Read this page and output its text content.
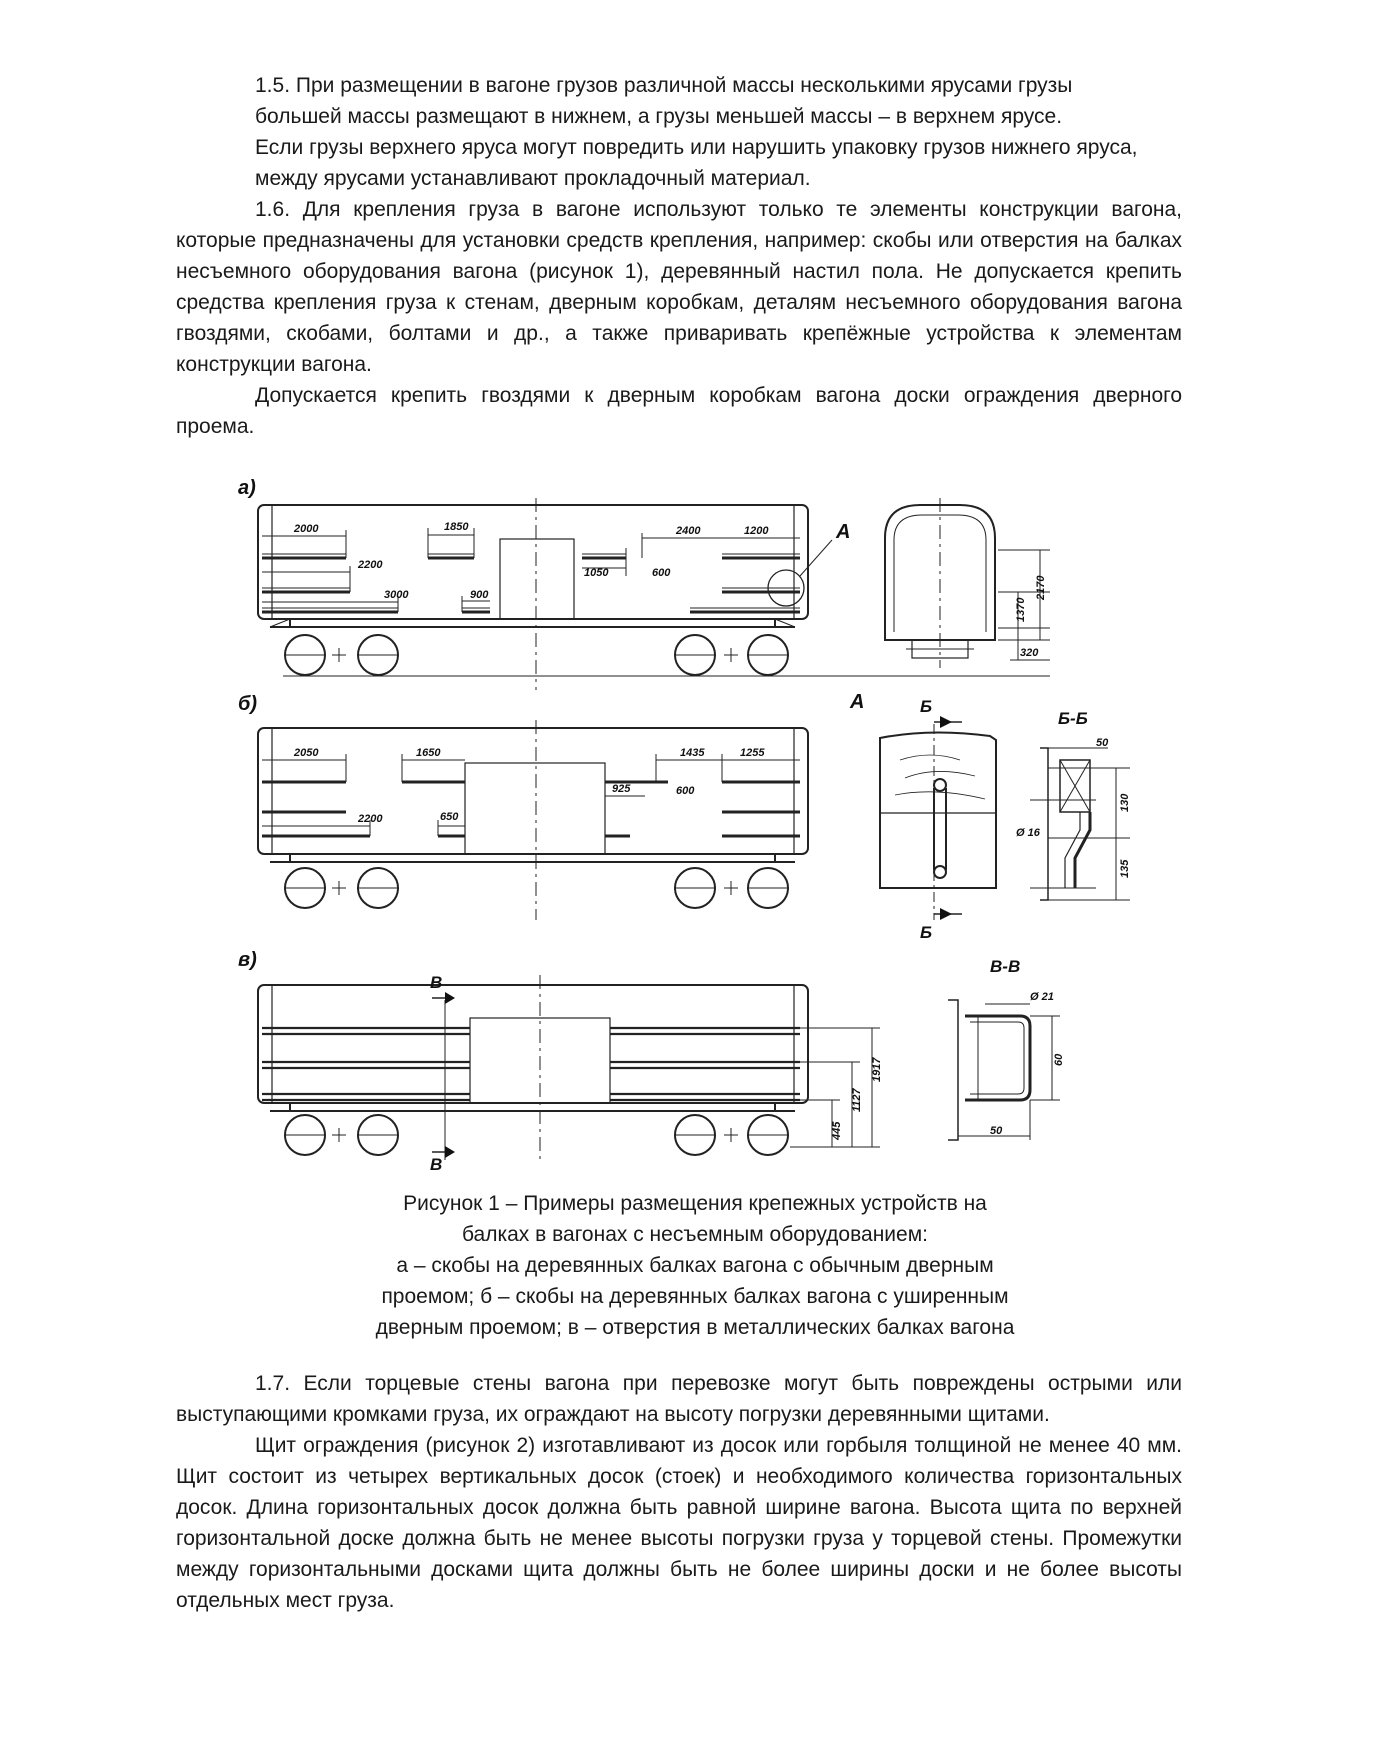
1.5. При размещении в вагоне грузов различной массы несколькими ярусами грузы

большей массы размещают в нижнем, а грузы меньшей массы – в верхнем ярусе.

Если грузы верхнего яруса могут повредить или нарушить упаковку грузов нижнего яруса,

между ярусами устанавливают прокладочный материал.

1.6. Для крепления груза в вагоне используют только те элементы конструкции вагона, которые предназначены для установки средств крепления, например: скобы или отверстия на балках несъемного оборудования вагона (рисунок 1), деревянный настил пола. Не допускается крепить средства крепления груза к стенам, дверным коробкам, деталям несъемного оборудования вагона гвоздями, скобами, болтами и др., а также приваривать крепёжные устройства к элементам конструкции вагона.

Допускается крепить гвоздями к дверным коробкам вагона доски ограждения дверного проема.

а)
б)
в)
А
А	Б
Б
Б-Б
В
В
В-В
2000	1850	2400	1200
2200
1050	600
3000	900	2170
1370
320
2050	1650	1435	1255
925	600
2200	650
50
130
135
Ø 16
1917
1127
445
Ø 21
60
50
Рисунок 1 – Примеры размещения крепежных устройств на
балках в вагонах с несъемным оборудованием:
а – скобы на деревянных балках вагона с обычным дверным
проемом; б – скобы на деревянных балках вагона с уширенным
дверным проемом; в – отверстия в металлических балках вагона

1.7. Если торцевые стены вагона при перевозке могут быть повреждены острыми или выступающими кромками груза, их ограждают на высоту погрузки деревянными щитами.

Щит ограждения (рисунок 2) изготавливают из досок или горбыля толщиной не менее 40 мм. Щит состоит из четырех вертикальных досок (стоек) и необходимого количества горизонтальных досок. Длина горизонтальных досок должна быть равной ширине вагона. Высота щита по верхней горизонтальной доске должна быть не менее высоты погрузки груза у торцевой стены. Промежутки между горизонтальными досками щита должны быть не более ширины доски и не более высоты отдельных мест груза.
